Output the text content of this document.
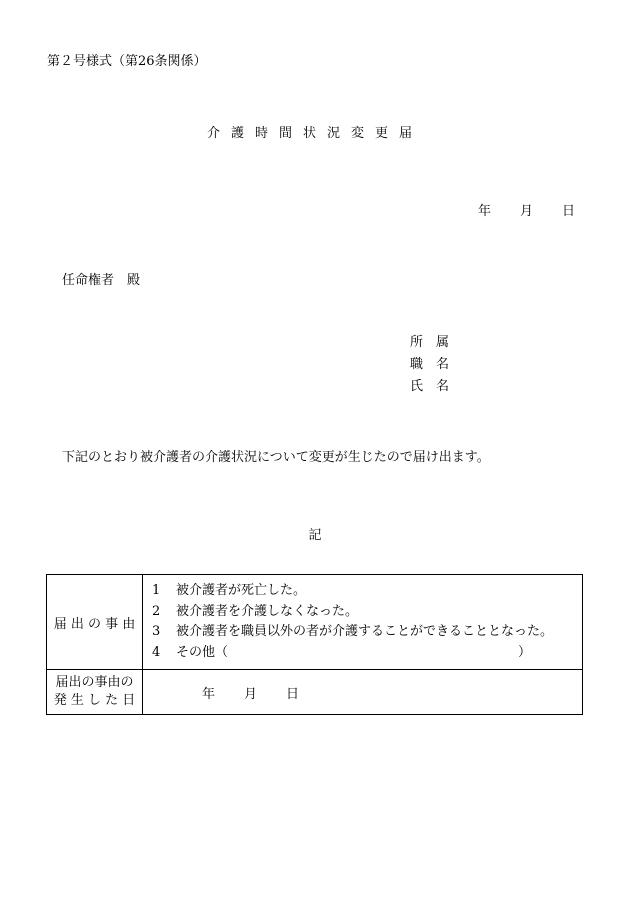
第２号様式（第26条関係）
介護時間状況変更届
年 月 日
任命権者　殿
所 属
職 名
氏 名
下記のとおり被介護者の介護状況について変更が生じたので届け出ます。
記
届 出 の 事 由	1 被介護者が死亡した。
2 被介護者を介護しなくなった。
3 被介護者を職員以外の者が介護することができることとなった。
4 その他（ ）

届出の事由の
発 生 し た 日	年 月 日
